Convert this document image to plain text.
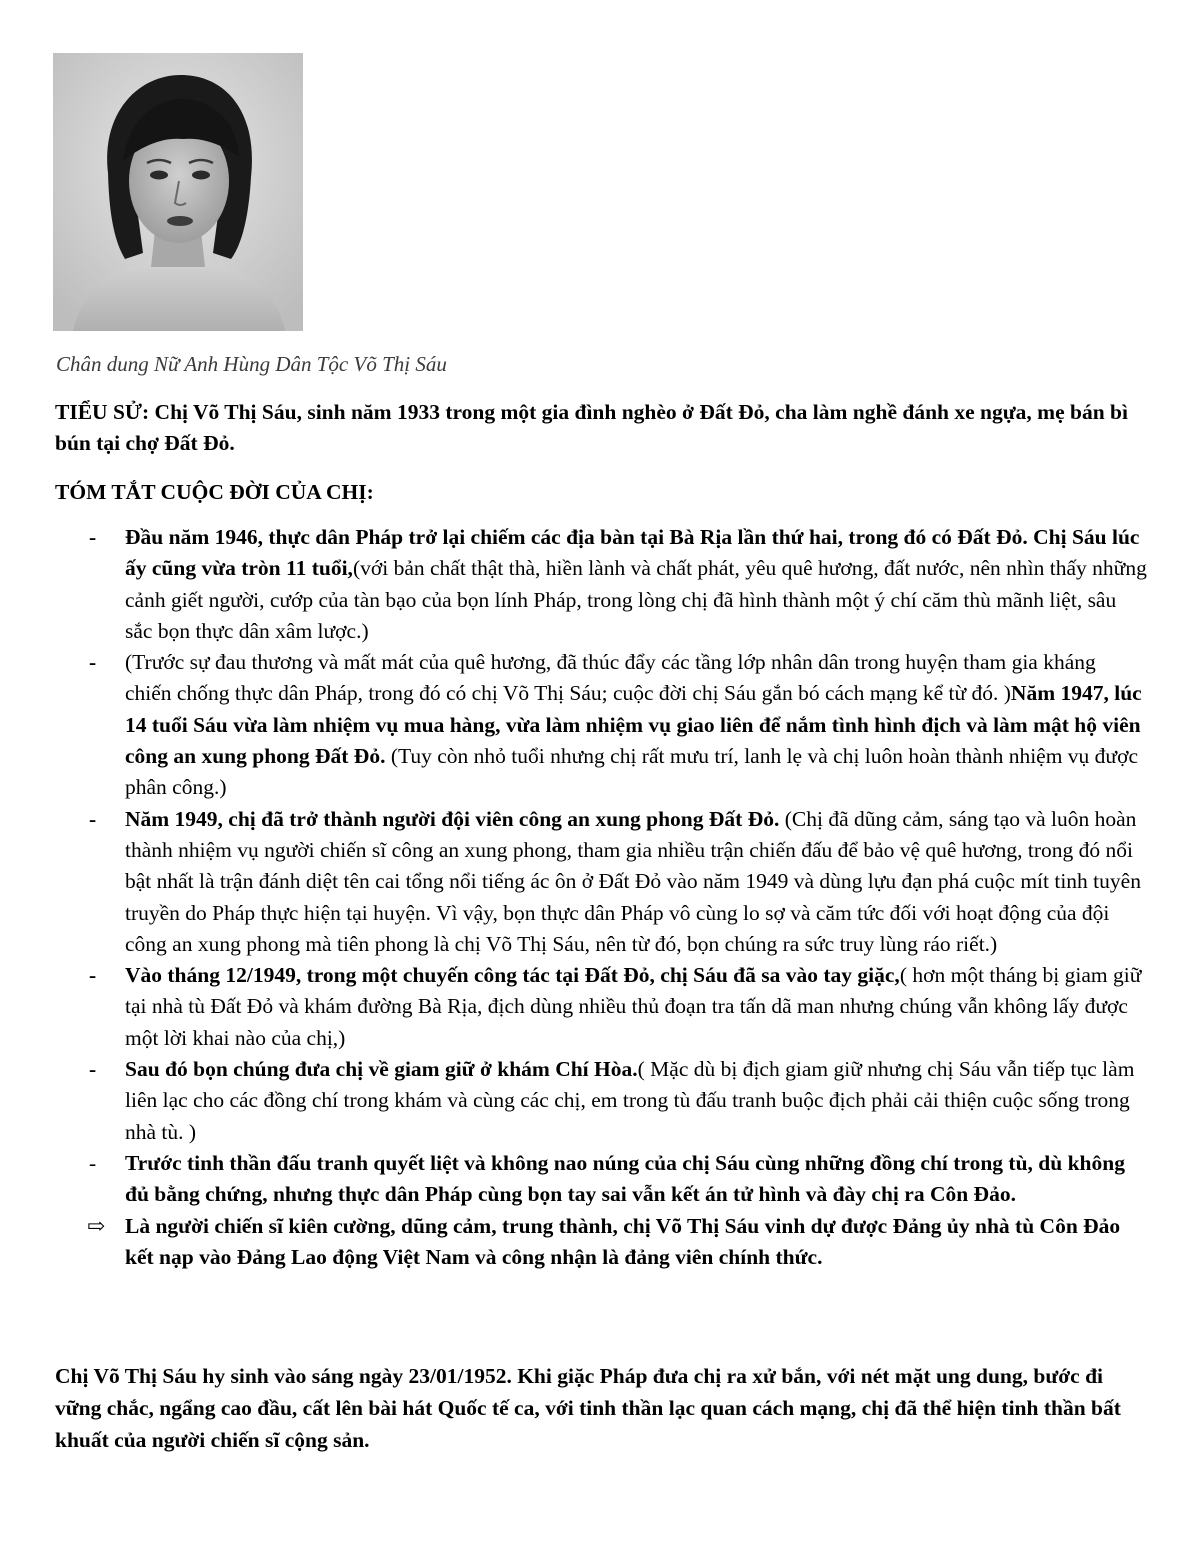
Chân dung Nữ Anh Hùng Dân Tộc Võ Thị Sáu
TIỂU SỬ: Chị Võ Thị Sáu, sinh năm 1933 trong một gia đình nghèo ở Đất Đỏ, cha làm nghề đánh xe ngựa, mẹ bán bì bún tại chợ Đất Đỏ.
TÓM TẮT CUỘC ĐỜI CỦA CHỊ:
- Đầu năm 1946, thực dân Pháp trở lại chiếm các địa bàn tại Bà Rịa lần thứ hai, trong đó có Đất Đỏ. Chị Sáu lúc ấy cũng vừa tròn 11 tuổi,(với bản chất thật thà, hiền lành và chất phát, yêu quê hương, đất nước, nên nhìn thấy những cảnh giết người, cướp của tàn bạo của bọn lính Pháp, trong lòng chị đã hình thành một ý chí căm thù mãnh liệt, sâu sắc bọn thực dân xâm lược.)
- (Trước sự đau thương và mất mát của quê hương, đã thúc đẩy các tầng lớp nhân dân trong huyện tham gia kháng chiến chống thực dân Pháp, trong đó có chị Võ Thị Sáu; cuộc đời chị Sáu gắn bó cách mạng kể từ đó. )Năm 1947, lúc 14 tuổi Sáu vừa làm nhiệm vụ mua hàng, vừa làm nhiệm vụ giao liên để nắm tình hình địch và làm mật hộ viên công an xung phong Đất Đỏ. (Tuy còn nhỏ tuổi nhưng chị rất mưu trí, lanh lẹ và chị luôn hoàn thành nhiệm vụ được phân công.)
- Năm 1949, chị đã trở thành người đội viên công an xung phong Đất Đỏ. (Chị đã dũng cảm, sáng tạo và luôn hoàn thành nhiệm vụ người chiến sĩ công an xung phong, tham gia nhiều trận chiến đấu để bảo vệ quê hương, trong đó nổi bật nhất là trận đánh diệt tên cai tổng nổi tiếng ác ôn ở Đất Đỏ vào năm 1949 và dùng lựu đạn phá cuộc mít tinh tuyên truyền do Pháp thực hiện tại huyện. Vì vậy, bọn thực dân Pháp vô cùng lo sợ và căm tức đối với hoạt động của đội công an xung phong mà tiên phong là chị Võ Thị Sáu, nên từ đó, bọn chúng ra sức truy lùng ráo riết.)
- Vào tháng 12/1949, trong một chuyến công tác tại Đất Đỏ, chị Sáu đã sa vào tay giặc,( hơn một tháng bị giam giữ tại nhà tù Đất Đỏ và khám đường Bà Rịa, địch dùng nhiều thủ đoạn tra tấn dã man nhưng chúng vẫn không lấy được một lời khai nào của chị,)
- Sau đó bọn chúng đưa chị về giam giữ ở khám Chí Hòa.( Mặc dù bị địch giam giữ nhưng chị Sáu vẫn tiếp tục làm liên lạc cho các đồng chí trong khám và cùng các chị, em trong tù đấu tranh buộc địch phải cải thiện cuộc sống trong nhà tù. )
- Trước tinh thần đấu tranh quyết liệt và không nao núng của chị Sáu cùng những đồng chí trong tù, dù không đủ bằng chứng, nhưng thực dân Pháp cùng bọn tay sai vẫn kết án tử hình và đày chị ra Côn Đảo.
⇨ Là người chiến sĩ kiên cường, dũng cảm, trung thành, chị Võ Thị Sáu vinh dự được Đảng ủy nhà tù Côn Đảo kết nạp vào Đảng Lao động Việt Nam và công nhận là đảng viên chính thức.
Chị Võ Thị Sáu hy sinh vào sáng ngày 23/01/1952. Khi giặc Pháp đưa chị ra xử bắn, với nét mặt ung dung, bước đi vững chắc, ngẩng cao đầu, cất lên bài hát Quốc tế ca, với tinh thần lạc quan cách mạng, chị đã thể hiện tinh thần bất khuất của người chiến sĩ cộng sản.
